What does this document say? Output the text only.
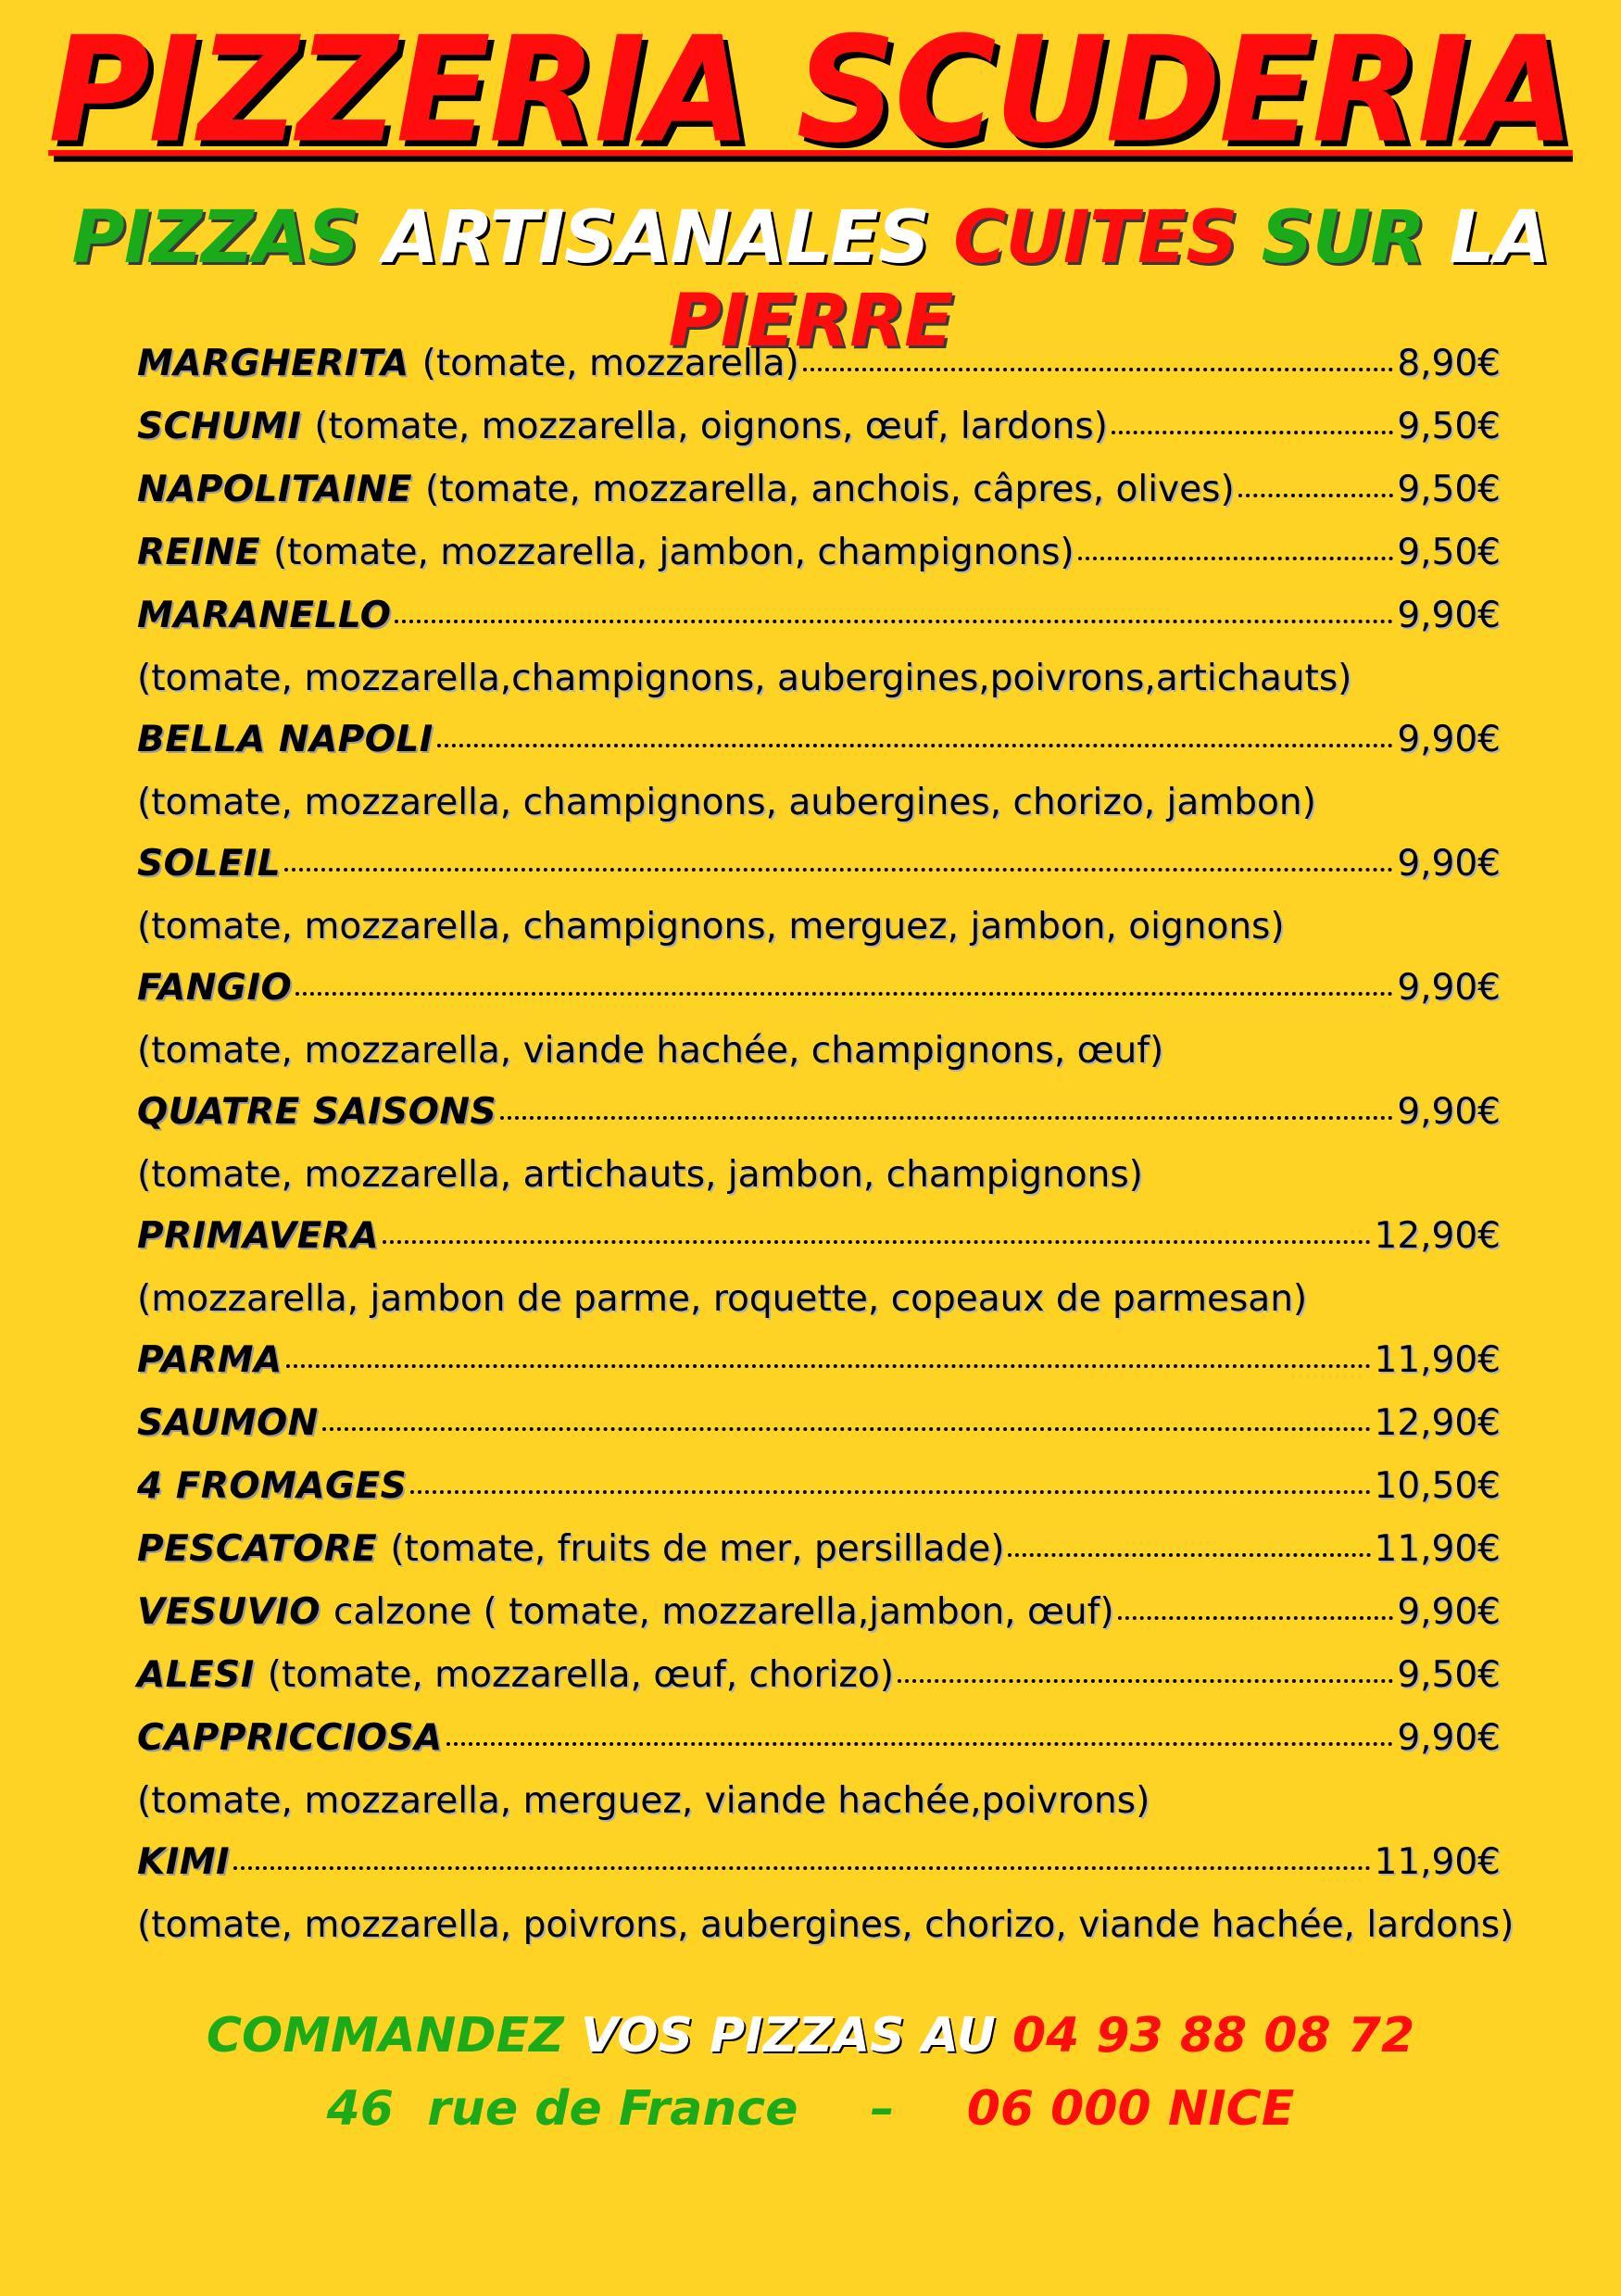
PIZZERIA SCUDERIA
PIZZAS ARTISANALES CUITES SUR LA PIERRE
MARGHERITA (tomate, mozzarella)	8,90€
SCHUMI (tomate, mozzarella, oignons, œuf, lardons)	9,50€
NAPOLITAINE (tomate, mozzarella, anchois, câpres, olives)	9,50€
REINE (tomate, mozzarella, jambon, champignons)	9,50€
MARANELLO	9,90€
(tomate, mozzarella,champignons, aubergines,poivrons,artichauts)
BELLA NAPOLI	9,90€
(tomate, mozzarella, champignons, aubergines, chorizo, jambon)
SOLEIL	9,90€
(tomate, mozzarella, champignons, merguez, jambon, oignons)
FANGIO	9,90€
(tomate, mozzarella, viande hachée, champignons, œuf)
QUATRE SAISONS	9,90€
(tomate, mozzarella, artichauts, jambon, champignons)
PRIMAVERA	12,90€
(mozzarella, jambon de parme, roquette, copeaux de parmesan)
PARMA	11,90€
SAUMON	12,90€
4 FROMAGES	10,50€
PESCATORE (tomate, fruits de mer, persillade)	11,90€
VESUVIO calzone ( tomate, mozzarella,jambon, œuf)	9,90€
ALESI (tomate, mozzarella, œuf, chorizo)	9,50€
CAPPRICCIOSA	9,90€
(tomate, mozzarella, merguez, viande hachée,poivrons)
KIMI	11,90€
(tomate, mozzarella, poivrons, aubergines, chorizo, viande hachée, lardons)
COMMANDEZ VOS PIZZAS AU 04 93 88 08 72
46  rue de France – 06 000 NICE
